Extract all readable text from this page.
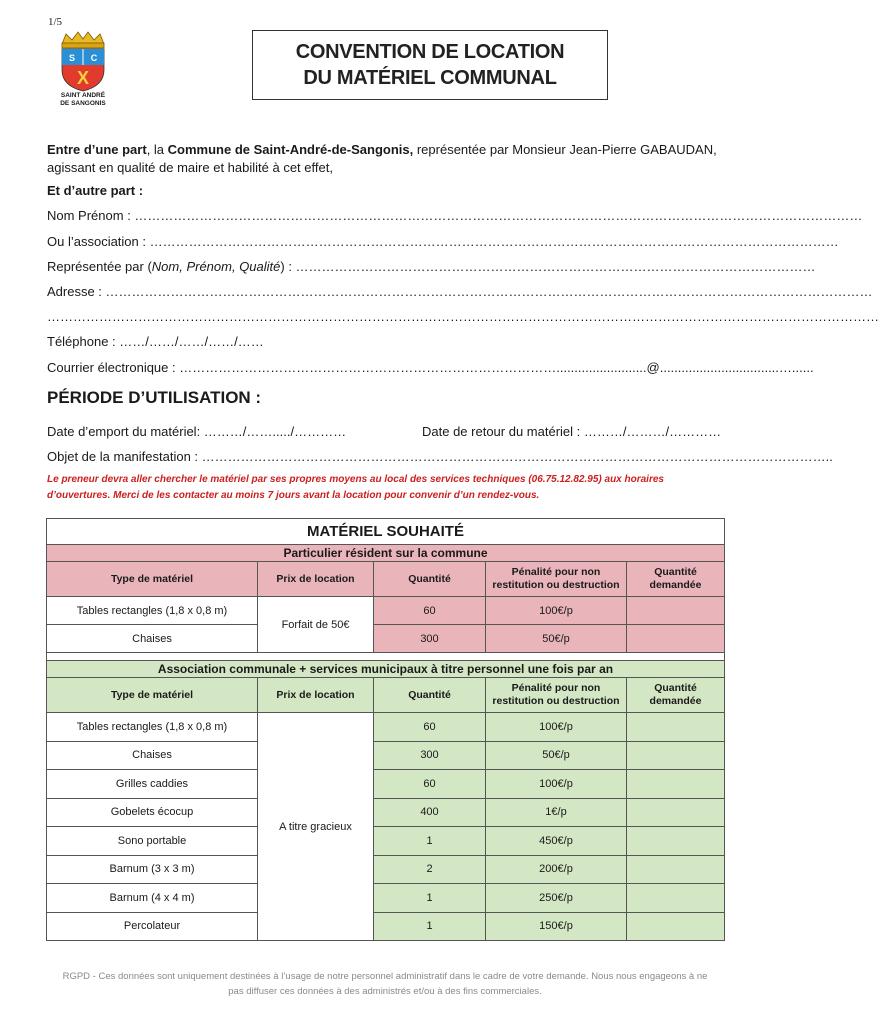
1/5
S C
X
SAINT ANDRÉ
DE SANGONIS
CONVENTION DE LOCATION
DU MATÉRIEL COMMUNAL
Entre d’une part, la Commune de Saint-André-de-Sangonis, représentée par Monsieur Jean-Pierre GABAUDAN, agissant en qualité de maire et habilité à cet effet,
Et d’autre part :
Nom Prénom : ……………………………………………………………………………………………………………………………………………………
Ou l’association : ……………………………………………………………………………………………………………………………………………
Représentée par (Nom, Prénom, Qualité) : …………………………………………………………………………………………………………
Adresse : ……………………………………………………………………………………………………………………………………………………………
…………………………………………………………………………………………………………………………………………………………………………
Téléphone : ……/……/……/……/……
Courrier électronique : …………………………………………………………………………….........................@.................................…......
PÉRIODE D’UTILISATION :
Date d’emport du matériel: ………/……...../…………	Date de retour du matériel : ………/………/…………
Objet de la manifestation : ………………………………………………………………………………………………………………………………..
Le preneur devra aller chercher le matériel par ses propres moyens au local des services techniques (06.75.12.82.95) aux horaires d’ouvertures. Merci de les contacter au moins 7 jours avant la location pour convenir d’un rendez-vous.
MATÉRIEL SOUHAITÉ				
Particulier résident sur la commune				
Type de matériel	Prix de location	Quantité	Pénalité pour non restitution ou destruction	Quantité demandée
Tables rectangles (1,8 x 0,8 m)	Forfait de 50€	60	100€/p	
Chaises		300	50€/p	

Association communale + services municipaux à titre personnel une fois par an				
Type de matériel	Prix de location	Quantité	Pénalité pour non restitution ou destruction	Quantité demandée
Tables rectangles (1,8 x 0,8 m)	A titre gracieux	60	100€/p	
Chaises		300	50€/p	
Grilles caddies		60	100€/p	
Gobelets écocup		400	1€/p	
Sono portable		1	450€/p	
Barnum (3 x 3 m)		2	200€/p	
Barnum (4 x 4 m)		1	250€/p	
Percolateur		1	150€/p	
RGPD - Ces données sont uniquement destinées à l’usage de notre personnel administratif dans le cadre de votre demande. Nous nous engageons à ne pas diffuser ces données à des administrés et/ou à des fins commerciales.
